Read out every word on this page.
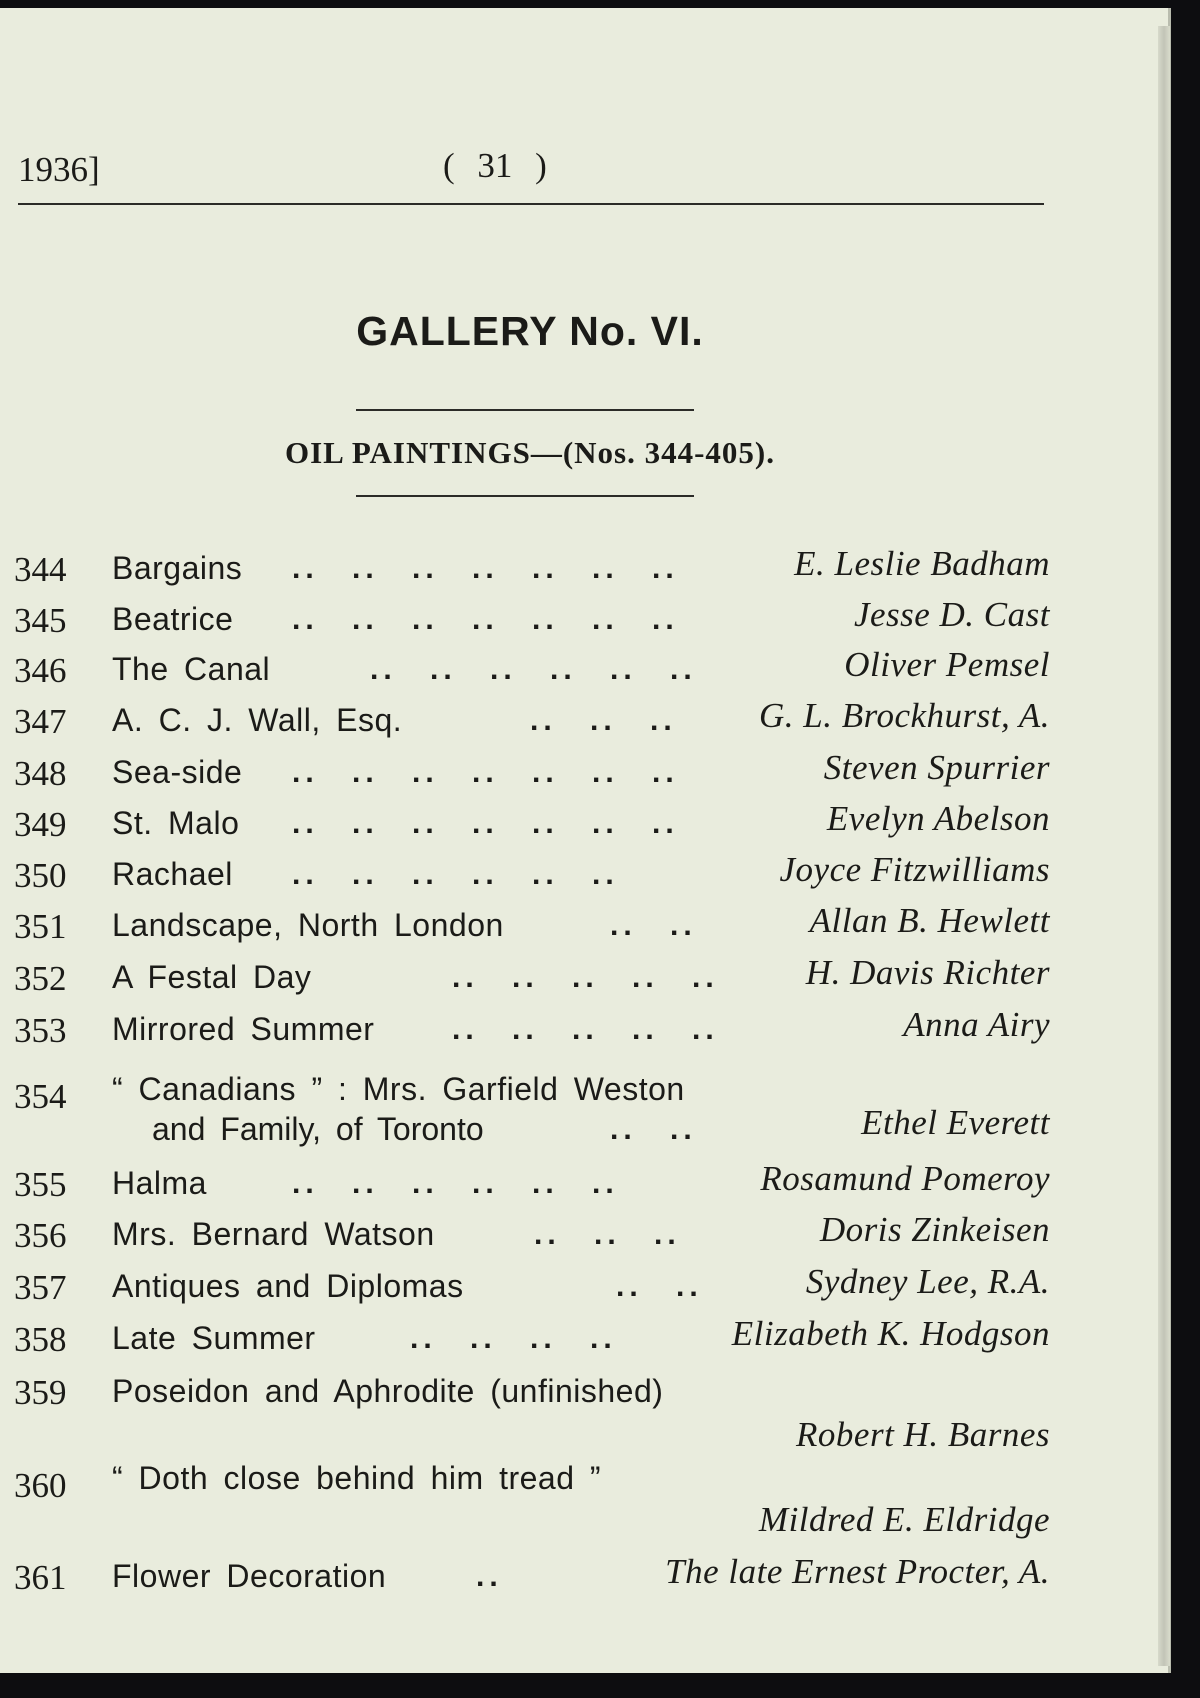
1936]	( 31 )
GALLERY No. VI.
OIL PAINTINGS—(Nos. 344-405).
344 Bargains .. .. .. .. .. .. ..	E. Leslie Badham
345 Beatrice .. .. .. .. .. .. ..	Jesse D. Cast
346 The Canal	.. .. .. .. .. ..	Oliver Pemsel
347 A. C. J. Wall, Esq.	.. .. .. G. L. Brockhurst, A.
348 Sea-side .. .. .. .. .. .. ..	Steven Spurrier
349 St. Malo .. .. .. .. .. .. ..	Evelyn Abelson
350 Rachael .. .. .. .. .. ..	Joyce Fitzwilliams
351 Landscape, North London	.. ..	Allan B. Hewlett
352 A Festal Day	.. .. .. .. .. H. Davis Richter
353 Mirrored Summer	.. .. .. .. ..	Anna Airy
354 “ Canadians ” : Mrs. Garfield Weston
and Family, of Toronto	.. ..	Ethel Everett
355 Halma	.. .. .. .. .. ..	Rosamund Pomeroy
356 Mrs. Bernard Watson	.. .. ..	Doris Zinkeisen
357 Antiques and Diplomas	.. ..	Sydney Lee, R.A.
358 Late Summer	.. .. .. ..	Elizabeth K. Hodgson
359 Poseidon and Aphrodite (unfinished)
Robert H. Barnes
360 “ Doth close behind him tread ”
Mildred E. Eldridge
361 Flower Decoration	..	The late Ernest Procter, A.
